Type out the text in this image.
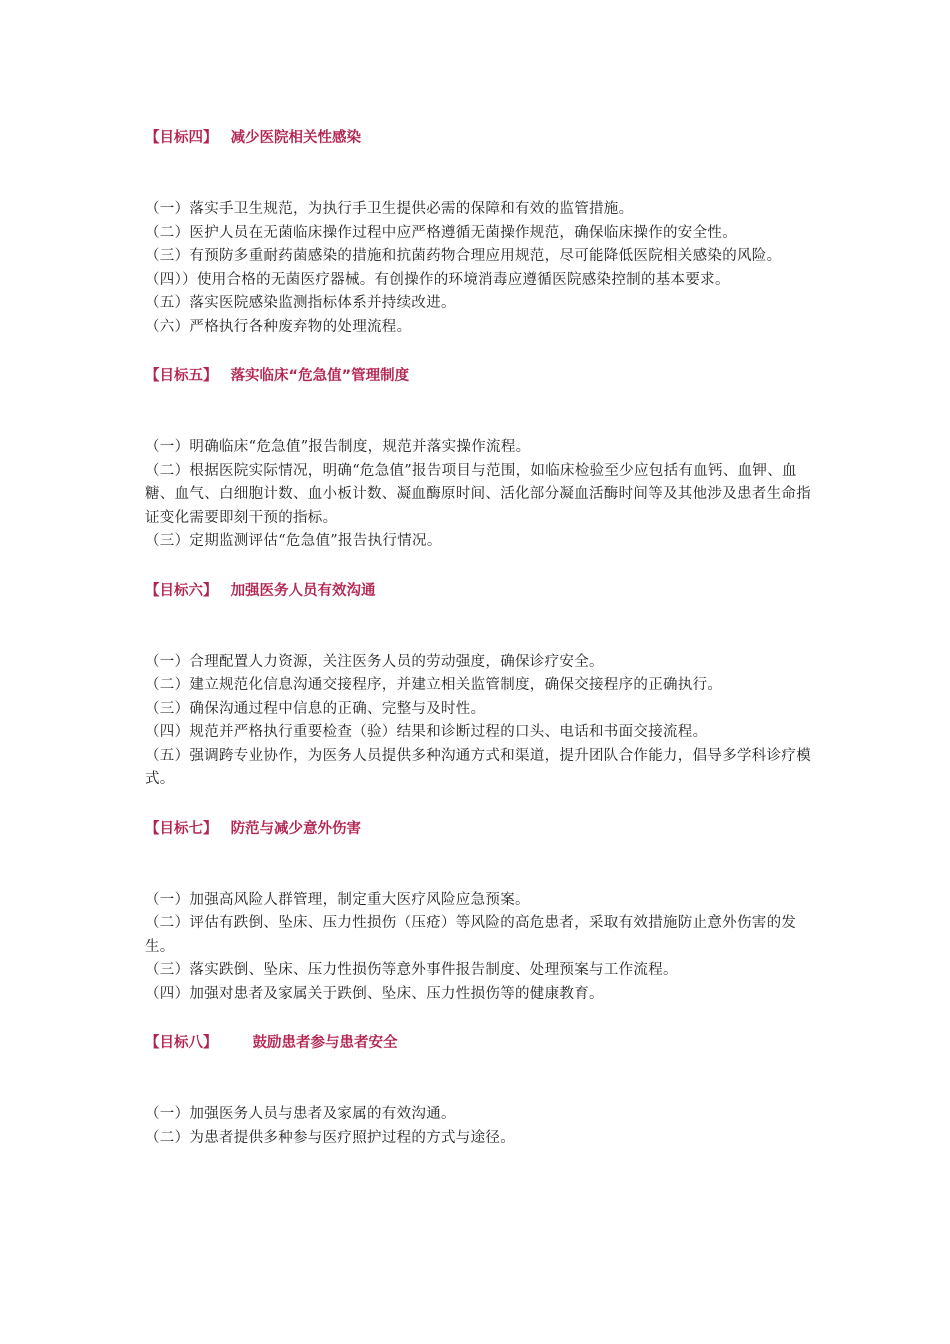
【目标四】 减少医院相关性感染
（一）落实手卫生规范，为执行手卫生提供必需的保障和有效的监管措施。
（二）医护人员在无菌临床操作过程中应严格遵循无菌操作规范，确保临床操作的安全性。
（三）有预防多重耐药菌感染的措施和抗菌药物合理应用规范，尽可能降低医院相关感染的风险。
（四））使用合格的无菌医疗器械。有创操作的环境消毒应遵循医院感染控制的基本要求。
（五）落实医院感染监测指标体系并持续改进。
（六）严格执行各种废弃物的处理流程。
【目标五】 落实临床“危急值”管理制度
（一）明确临床“危急值”报告制度，规范并落实操作流程。
（二）根据医院实际情况，明确“危急值”报告项目与范围，如临床检验至少应包括有血钙、血钾、血糖、血气、白细胞计数、血小板计数、凝血酶原时间、活化部分凝血活酶时间等及其他涉及患者生命指证变化需要即刻干预的指标。
（三）定期监测评估“危急值”报告执行情况。
【目标六】 加强医务人员有效沟通
（一）合理配置人力资源，关注医务人员的劳动强度，确保诊疗安全。
（二）建立规范化信息沟通交接程序，并建立相关监管制度，确保交接程序的正确执行。
（三）确保沟通过程中信息的正确、完整与及时性。
（四）规范并严格执行重要检查（验）结果和诊断过程的口头、电话和书面交接流程。
（五）强调跨专业协作，为医务人员提供多种沟通方式和渠道，提升团队合作能力，倡导多学科诊疗模式。
【目标七】 防范与减少意外伤害
（一）加强高风险人群管理，制定重大医疗风险应急预案。
（二）评估有跌倒、坠床、压力性损伤（压疮）等风险的高危患者，采取有效措施防止意外伤害的发生。
（三）落实跌倒、坠床、压力性损伤等意外事件报告制度、处理预案与工作流程。
（四）加强对患者及家属关于跌倒、坠床、压力性损伤等的健康教育。
【目标八】 鼓励患者参与患者安全
（一）加强医务人员与患者及家属的有效沟通。
（二）为患者提供多种参与医疗照护过程的方式与途径。
